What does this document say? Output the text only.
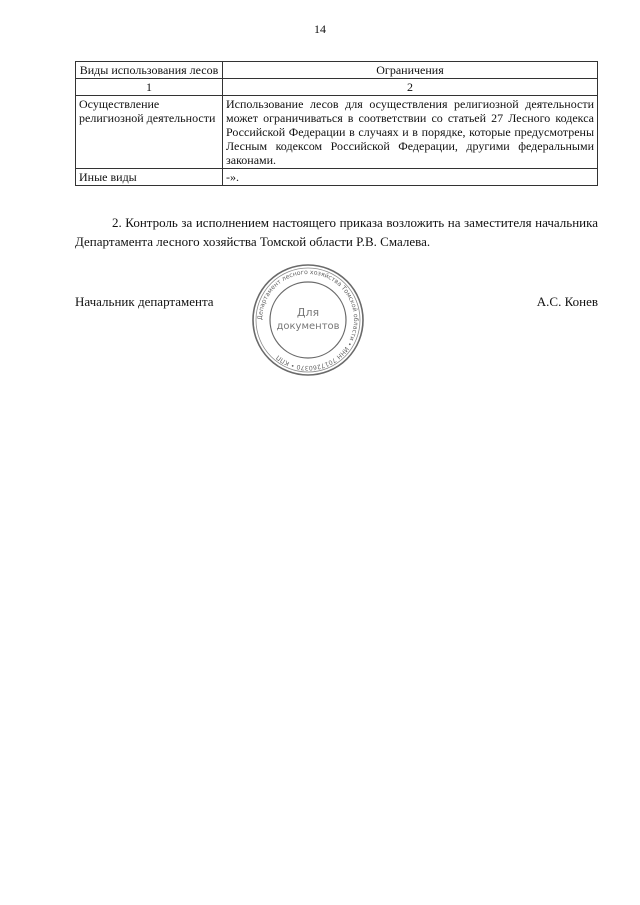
14
Виды использования лесов	Ограничения
1	2
Осуществление религиозной деятельности	Использование лесов для осуществления религиозной деятельности может ограничиваться в соответствии со статьей 27 Лесного кодекса Российской Федерации в случаях и в порядке, которые предусмотрены Лесным кодексом Российской Федерации, другими федеральными законами.
Иные виды	-».
2. Контроль за исполнением настоящего приказа возложить на заместителя начальника Департамента лесного хозяйства Томской области Р.В. Смалева.
Начальник департамента
Департамент лесного хозяйства Томской области • ИНН 7017260370 • КПП
Для
документов
А.С. Конев
